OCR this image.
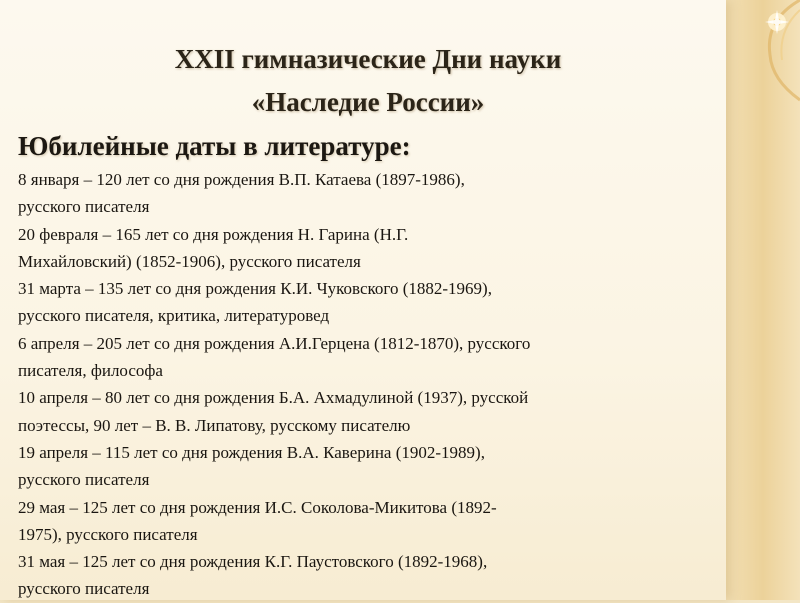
XXII гимназические Дни науки
«Наследие России»
Юбилейные даты в литературе:
8 января – 120 лет со дня рождения В.П. Катаева (1897-1986),
русского писателя
20 февраля – 165 лет со дня рождения Н. Гарина (Н.Г.
Михайловский) (1852-1906), русского писателя
31 марта – 135 лет со дня рождения К.И. Чуковского (1882-1969),
русского писателя, критика, литературовед
6 апреля – 205 лет со дня рождения А.И.Герцена (1812-1870), русского
писателя, философа
10 апреля – 80 лет со дня рождения Б.А. Ахмадулиной (1937), русской
поэтессы, 90 лет – В. В. Липатову, русскому писателю
19 апреля – 115 лет со дня рождения В.А. Каверина (1902-1989),
русского писателя
29 мая – 125 лет со дня рождения И.С. Соколова-Микитова (1892-
1975), русского писателя
31 мая – 125 лет со дня рождения К.Г. Паустовского (1892-1968),
русского писателя
